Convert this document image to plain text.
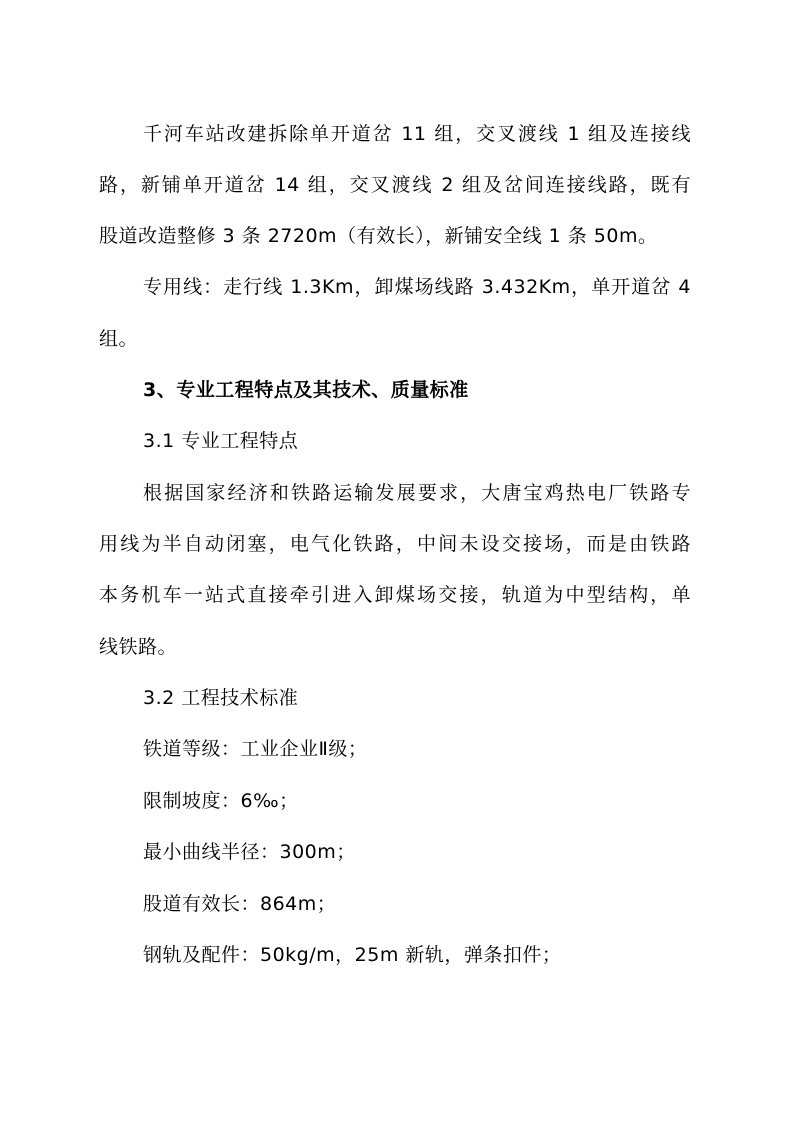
千河车站改建拆除单开道岔 11 组，交叉渡线 1 组及连接线
路，新铺单开道岔 14 组，交叉渡线 2 组及岔间连接线路，既有
股道改造整修 3 条 2720m（有效长），新铺安全线 1 条 50m。
专用线：走行线 1.3Km，卸煤场线路 3.432Km，单开道岔 4
组。
3、专业工程特点及其技术、质量标准
3.1 专业工程特点
根据国家经济和铁路运输发展要求，大唐宝鸡热电厂铁路专
用线为半自动闭塞，电气化铁路，中间未设交接场，而是由铁路
本务机车一站式直接牵引进入卸煤场交接，轨道为中型结构，单
线铁路。
3.2 工程技术标准
铁道等级：工业企业Ⅱ级；
限制坡度：6‰；
最小曲线半径：300m；
股道有效长：864m；
钢轨及配件：50kg/m，25m 新轨，弹条扣件；
